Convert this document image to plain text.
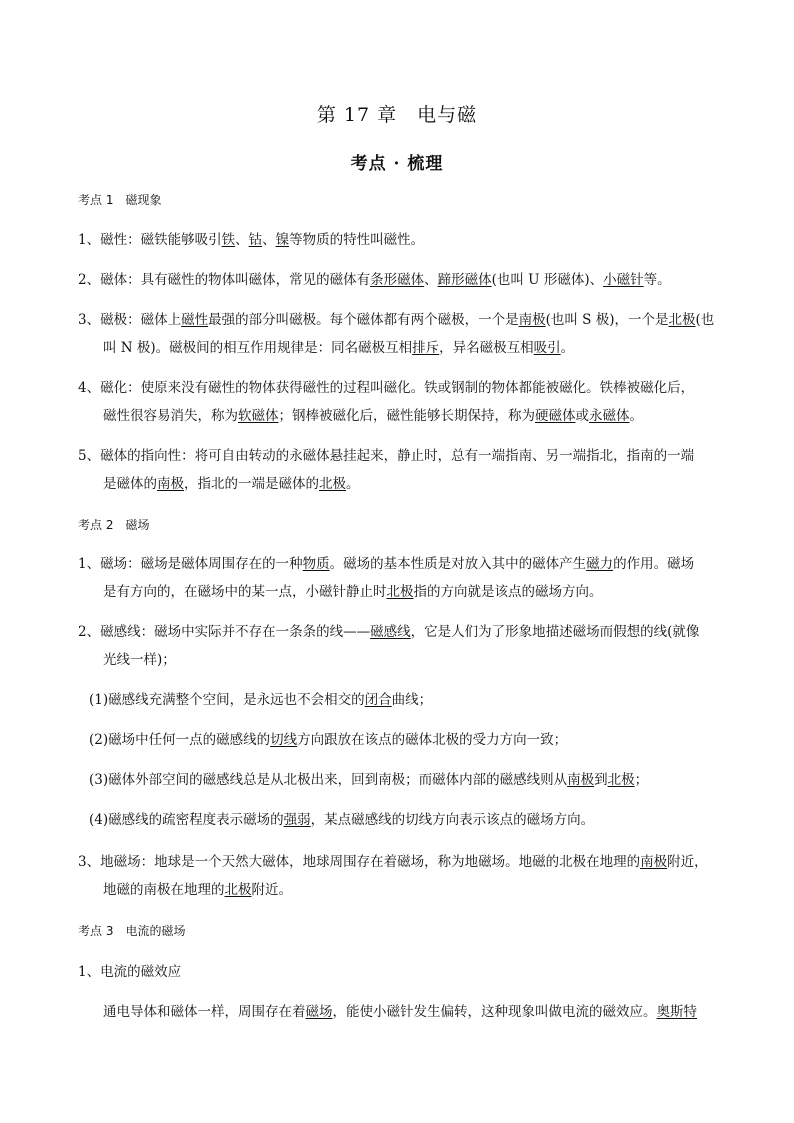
第 17 章　电与磁
考点 · 梳理
考点 1　磁现象
1、磁性：磁铁能够吸引铁、钴、镍等物质的特性叫磁性。
2、磁体：具有磁性的物体叫磁体，常见的磁体有条形磁体、蹄形磁体(也叫 U 形磁体)、小磁针等。
3、磁极：磁体上磁性最强的部分叫磁极。每个磁体都有两个磁极，一个是南极(也叫 S 极)，一个是北极(也
叫 N 极)。磁极间的相互作用规律是：同名磁极互相排斥，异名磁极互相吸引。
4、磁化：使原来没有磁性的物体获得磁性的过程叫磁化。铁或钢制的物体都能被磁化。铁棒被磁化后，
磁性很容易消失，称为软磁体；钢棒被磁化后，磁性能够长期保持，称为硬磁体或永磁体。
5、磁体的指向性：将可自由转动的永磁体悬挂起来，静止时，总有一端指南、另一端指北，指南的一端
是磁体的南极，指北的一端是磁体的北极。
考点 2　磁场
1、磁场：磁场是磁体周围存在的一种物质。磁场的基本性质是对放入其中的磁体产生磁力的作用。磁场
是有方向的，在磁场中的某一点，小磁针静止时北极指的方向就是该点的磁场方向。
2、磁感线：磁场中实际并不存在一条条的线——磁感线，它是人们为了形象地描述磁场而假想的线(就像
光线一样)；
(1)磁感线充满整个空间，是永远也不会相交的闭合曲线；
(2)磁场中任何一点的磁感线的切线方向跟放在该点的磁体北极的受力方向一致；
(3)磁体外部空间的磁感线总是从北极出来，回到南极；而磁体内部的磁感线则从南极到北极；
(4)磁感线的疏密程度表示磁场的强弱，某点磁感线的切线方向表示该点的磁场方向。
3、地磁场：地球是一个天然大磁体，地球周围存在着磁场，称为地磁场。地磁的北极在地理的南极附近，
地磁的南极在地理的北极附近。
考点 3　电流的磁场
1、电流的磁效应
通电导体和磁体一样，周围存在着磁场，能使小磁针发生偏转，这种现象叫做电流的磁效应。奥斯特
